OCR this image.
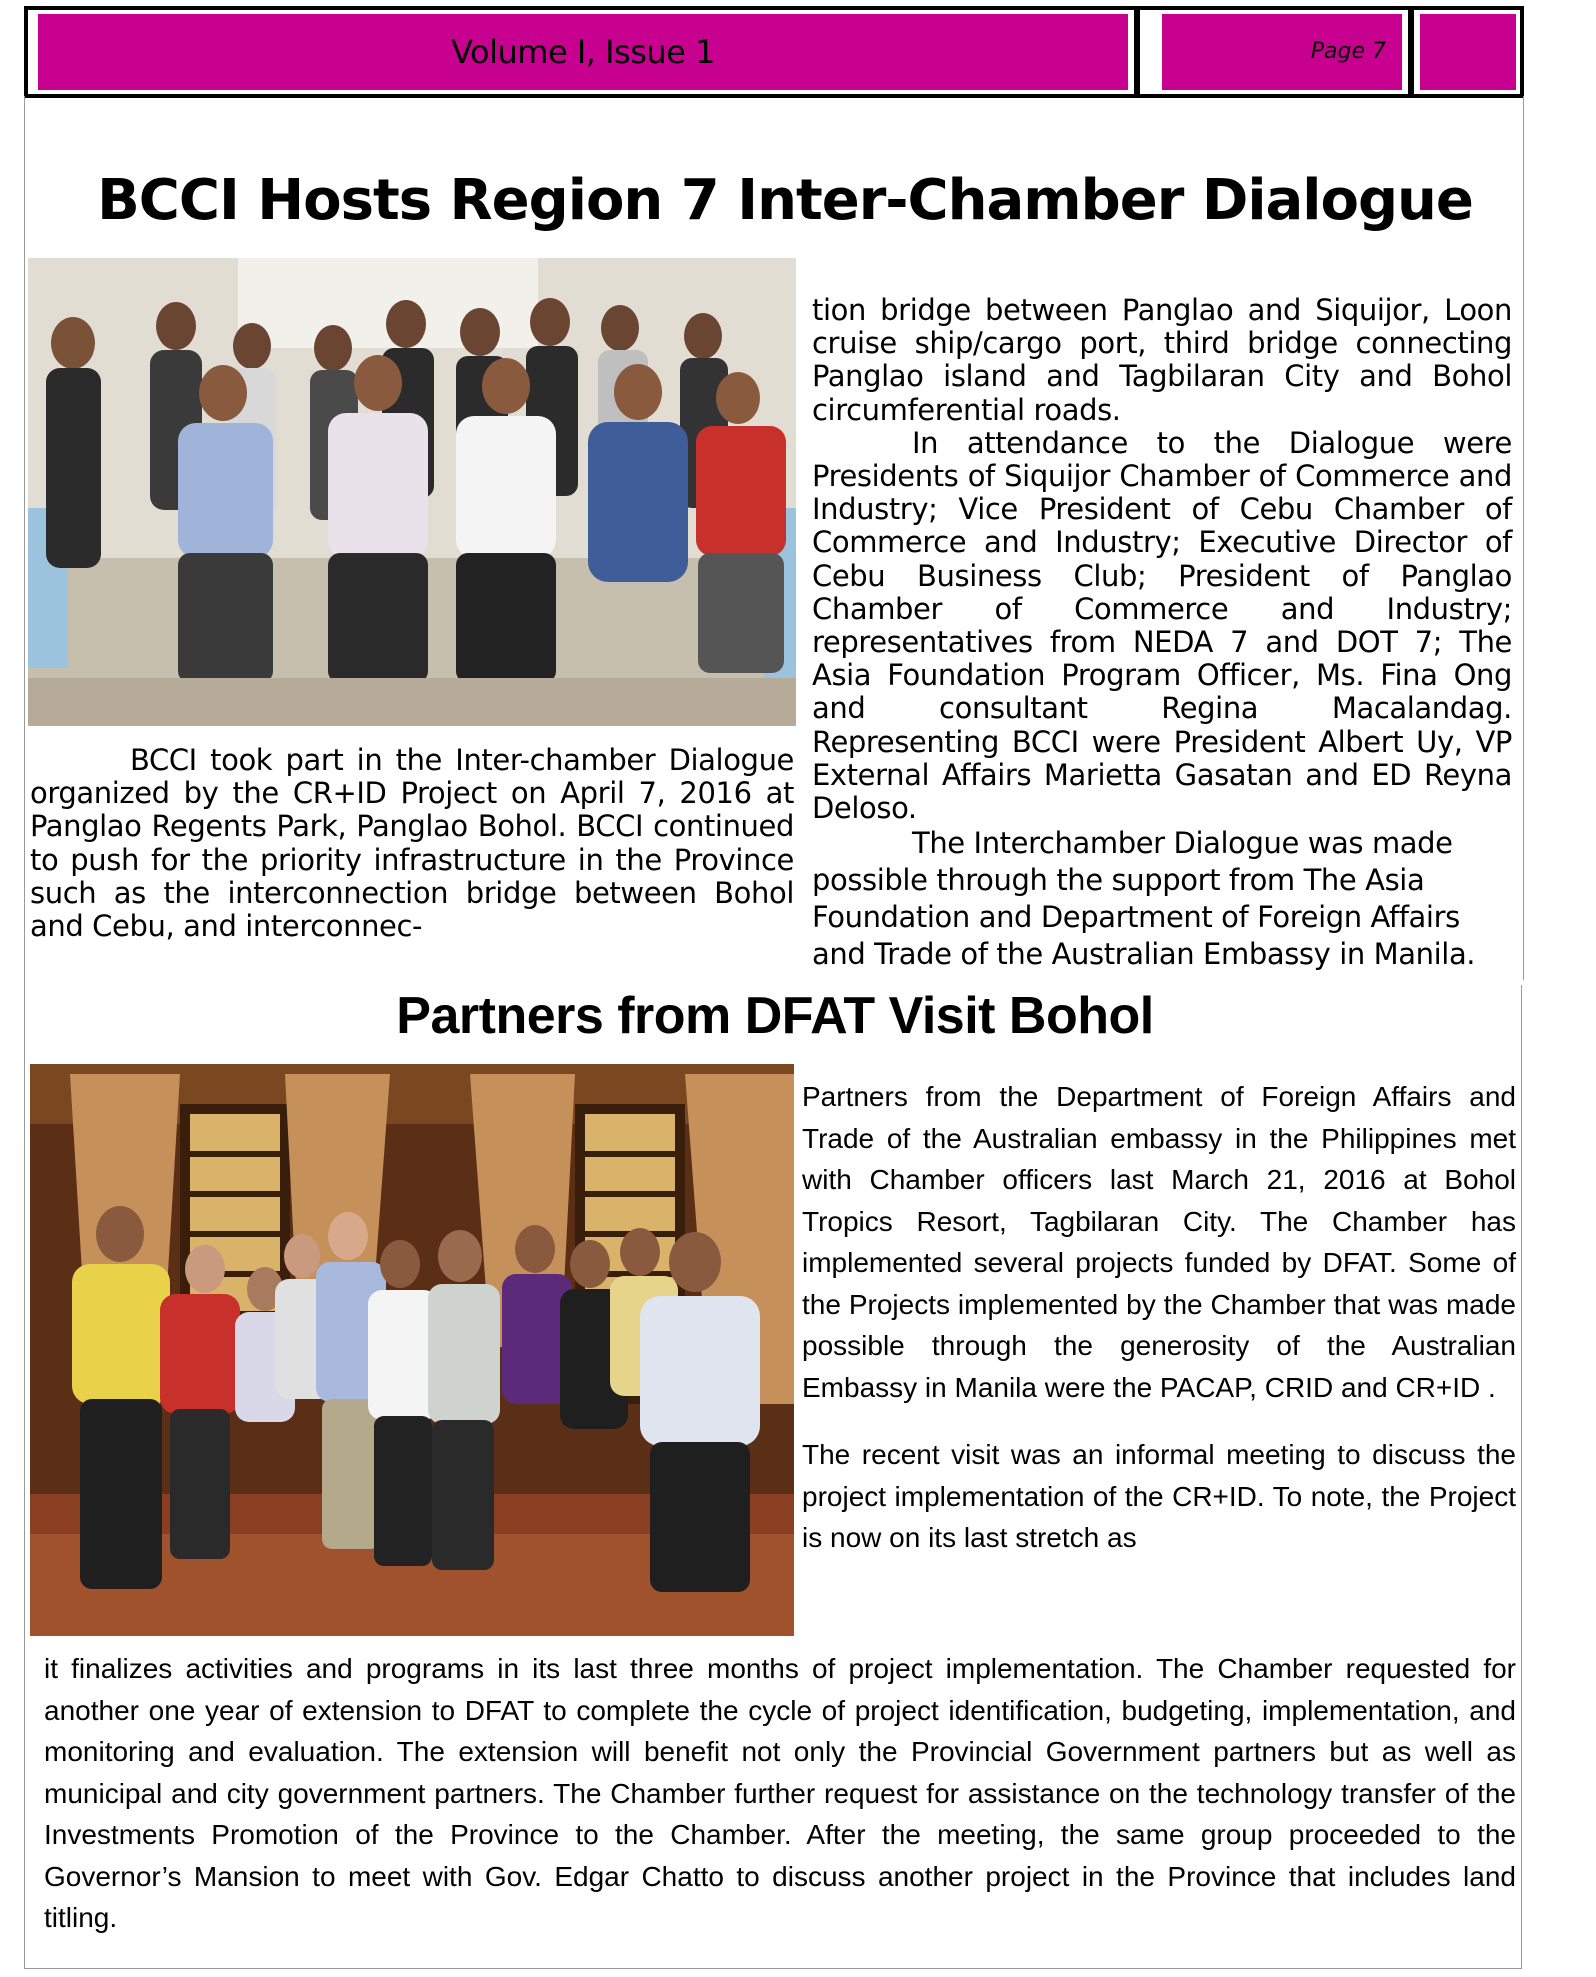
Volume I, Issue 1	Page 7
BCCI Hosts Region 7 Inter-Chamber Dialogue

BCCI took part in the Inter-chamber Dialogue organized by the CR+ID Project on April 7, 2016 at Panglao Regents Park, Panglao Bohol. BCCI continued to push for the priority infrastructure in the Province such as the interconnection bridge between Bohol and Cebu, and interconnec-

tion bridge between Panglao and Siquijor, Loon cruise ship/cargo port, third bridge connecting Panglao island and Tagbilaran City and Bohol circumferential roads.

In attendance to the Dialogue were Presidents of Siquijor Chamber of Commerce and Industry; Vice President of Cebu Chamber of Commerce and Industry; Executive Director of Cebu Business Club; President of Panglao Chamber of Commerce and Industry; representatives from NEDA 7 and DOT 7; The Asia Foundation Program Officer, Ms. Fina Ong and consultant Regina Macalandag. Representing BCCI were President Albert Uy, VP External Affairs Marietta Gasatan and ED Reyna Deloso.

The Interchamber Dialogue was made possible through the support from The Asia Foundation and Department of Foreign Affairs and Trade of the Australian Embassy in Manila.

Partners from DFAT Visit Bohol

Partners from the Department of Foreign Affairs and Trade of the Australian embassy in the Philippines met with Chamber officers last March 21, 2016 at Bohol Tropics Resort, Tagbilaran City. The Chamber has implemented several projects funded by DFAT. Some of the Projects implemented by the Chamber that was made possible through the generosity of the Australian Embassy in Manila were the PACAP, CRID and CR+ID .

The recent visit was an informal meeting to discuss the project implementation of the CR+ID. To note, the Project is now on its last stretch as

it finalizes activities and programs in its last three months of project implementation. The Chamber requested for another one year of extension to DFAT to complete the cycle of project identification, budgeting, implementation, and monitoring and evaluation. The extension will benefit not only the Provincial Government partners but as well as municipal and city government partners. The Chamber further request for assistance on the technology transfer of the Investments Promotion of the Province to the Chamber. After the meeting, the same group proceeded to the Governor’s Mansion to meet with Gov. Edgar Chatto to discuss another project in the Province that includes land titling.
